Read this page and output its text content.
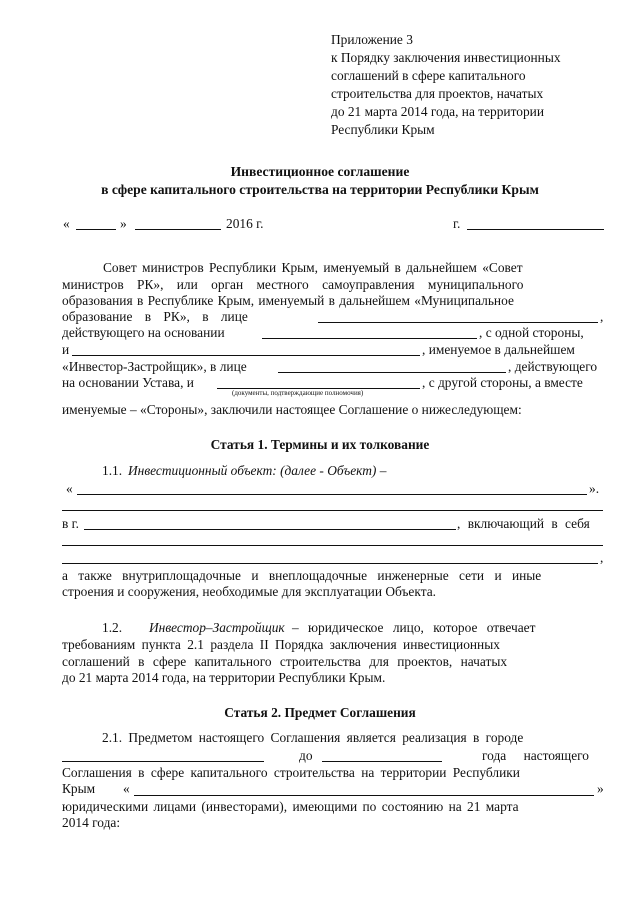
Приложение 3
к Порядку заключения инвестиционных
соглашений в сфере капитального
строительства для проектов, начатых
до 21 марта 2014 года, на территории
Республики Крым
Инвестиционное соглашение
в сфере капитального строительства на территории Республики Крым
«	»	2016 г.	г.
Совет министров Республики Крым, именуемый в дальнейшем «Совет
министров РК», или орган местного самоуправления муниципального
образования в Республике Крым, именуемый в дальнейшем «Муниципальное
образование в РК», в лице	,
действующего на основании	, с одной стороны,
и	, именуемое в дальнейшем
«Инвестор-Застройщик», в лице	, действующего
на основании Устава, и	, с другой стороны, а вместе
(документы, подтверждающие полномочия)
именуемые – «Стороны», заключили настоящее Соглашение о нижеследующем:
Статья 1. Термины и их толкование
1.1. Инвестиционный объект: (далее - Объект) –
«	».
в г.	, включающий в себя
,
а также внутриплощадочные и внеплощадочные инженерные сети и иные
строения и сооружения, необходимые для эксплуатации Объекта.
1.2. Инвестор–Застройщик – юридическое лицо, которое отвечает
требованиям пункта 2.1 раздела II Порядка заключения инвестиционных
соглашений в сфере капитального строительства для проектов, начатых
до 21 марта 2014 года, на территории Республики Крым.
Статья 2. Предмет Соглашения
2.1. Предметом настоящего Соглашения является реализация в городе
до	года настоящего
Соглашения в сфере капитального строительства на территории Республики
Крым «	»
юридическими лицами (инвесторами), имеющими по состоянию на 21 марта
2014 года:
